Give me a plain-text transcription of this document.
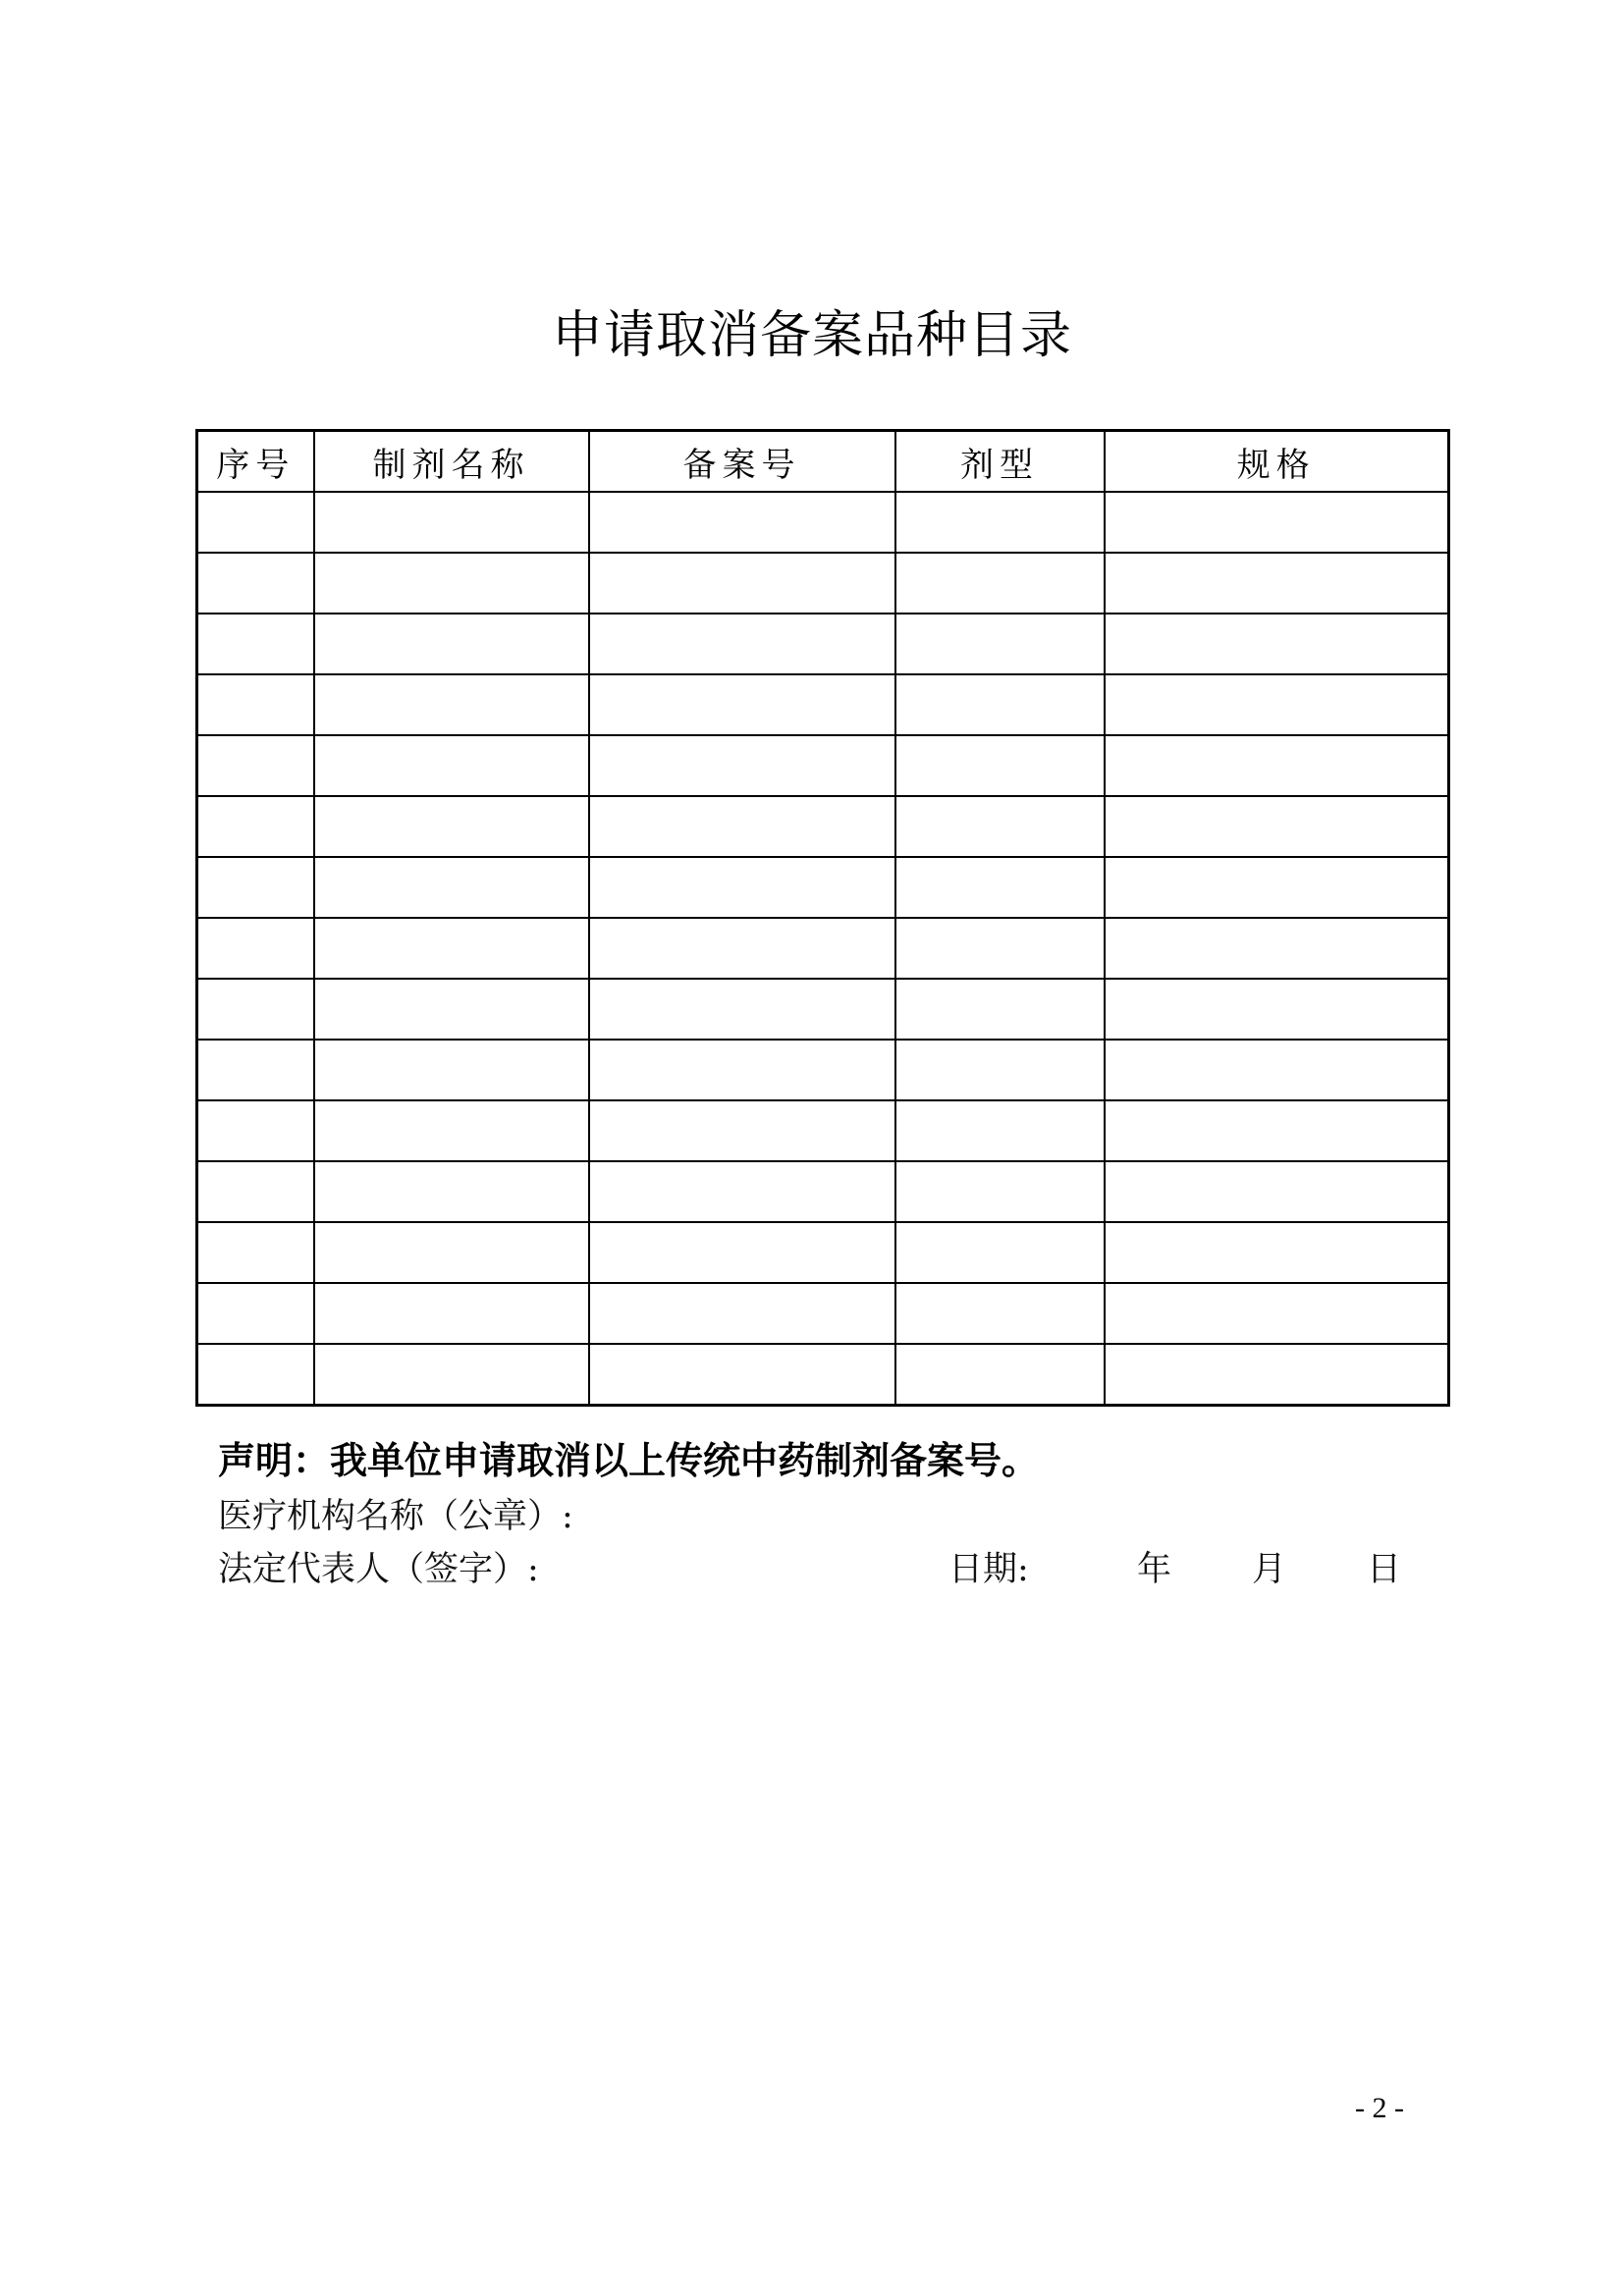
申请取消备案品种目录
序号	制剂名称	备案号	剂型	规格

声明：我单位申请取消以上传统中药制剂备案号。
医疗机构名称（公章）:
法定代表人（签字）:	日期:	年 月 日
- 2 -
